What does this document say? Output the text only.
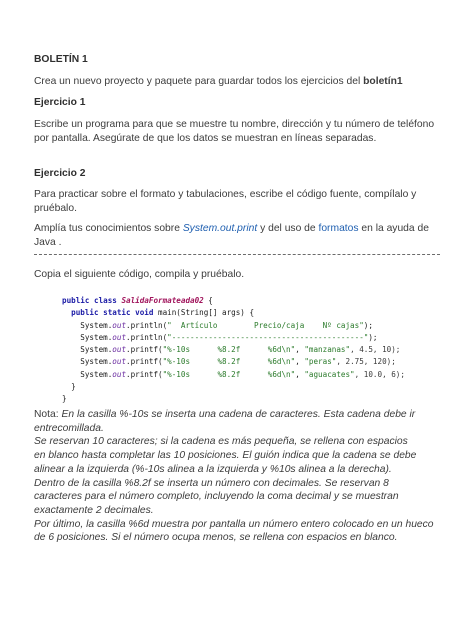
BOLETÍN 1
Crea un nuevo proyecto y paquete para guardar todos los ejercicios del boletín1
Ejercicio 1
Escribe un programa para que se muestre tu nombre, dirección y tu número de teléfono
por pantalla. Asegúrate de que los datos se muestran en líneas separadas.
Ejercicio 2
Para practicar sobre el formato y tabulaciones, escribe el código fuente, compílalo y
pruébalo.
Amplía tus conocimientos sobre System.out.print y del uso de formatos en la ayuda de
Java .
Copia el siguiente código, compila y pruébalo.
public class SalidaFormateada02 {
public static void main(String[] args) {
System.out.println("  Artículo        Precio/caja    Nº cajas");
System.out.println("------------------------------------------");
System.out.printf("%-10s      %8.2f      %6d\n", "manzanas", 4.5, 10);
System.out.printf("%-10s      %8.2f      %6d\n", "peras", 2.75, 120);
System.out.printf("%-10s      %8.2f      %6d\n", "aguacates", 10.0, 6);
}
}
Nota: En la casilla %-10s se inserta una cadena de caracteres. Esta cadena debe ir
entrecomillada.
Se reservan 10 caracteres; si la cadena es más pequeña, se rellena con espacios
en blanco hasta completar las 10 posiciones. El guión indica que la cadena se debe
alinear a la izquierda (%-10s alinea a la izquierda y %10s alinea a la derecha).
Dentro de la casilla %8.2f se inserta un número con decimales. Se reservan 8
caracteres para el número completo, incluyendo la coma decimal y se muestran
exactamente 2 decimales.
Por último, la casilla %6d muestra por pantalla un número entero colocado en un hueco
de 6 posiciones. Si el número ocupa menos, se rellena con espacios en blanco.
